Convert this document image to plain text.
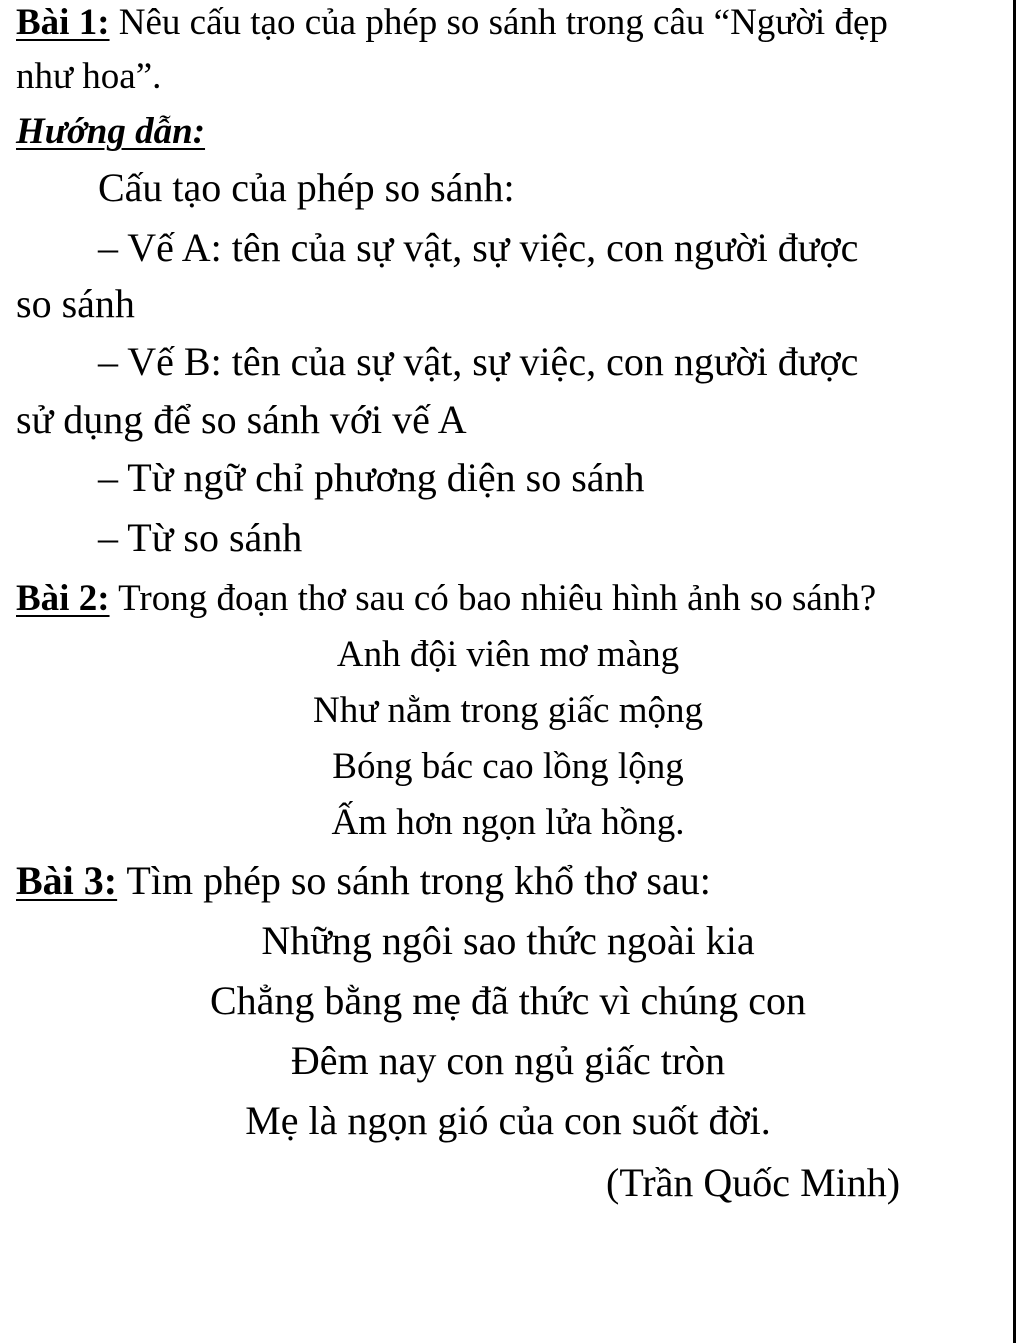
Bài 1: Nêu cấu tạo của phép so sánh trong câu “Người đẹp
như hoa”.
Hướng dẫn:
Cấu tạo của phép so sánh:
– Vế A: tên của sự vật, sự việc, con người được
so sánh
– Vế B: tên của sự vật, sự việc, con người được
sử dụng để so sánh với vế A
– Từ ngữ chỉ phương diện so sánh
– Từ so sánh
Bài 2: Trong đoạn thơ sau có bao nhiêu hình ảnh so sánh?
Anh đội viên mơ màng
Như nằm trong giấc mộng
Bóng bác cao lồng lộng
Ấm hơn ngọn lửa hồng.
Bài 3: Tìm phép so sánh trong khổ thơ sau:
Những ngôi sao thức ngoài kia
Chẳng bằng mẹ đã thức vì chúng con
Đêm nay con ngủ giấc tròn
Mẹ là ngọn gió của con suốt đời.
(Trần Quốc Minh)
